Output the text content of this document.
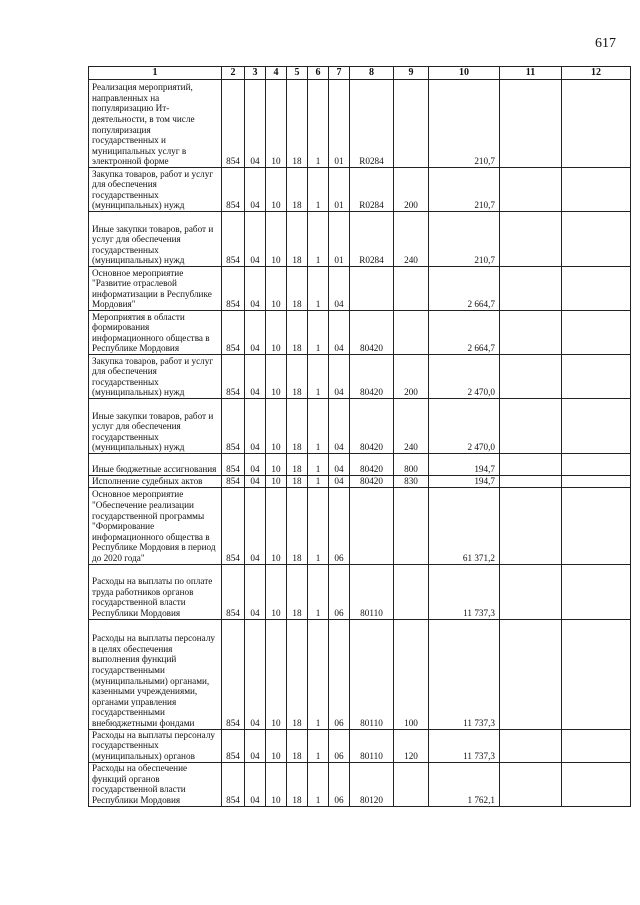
617
1	2	3	4	5	6	7	8	9	10	11	12
Реализация мероприятий, направленных на популяризацию Ит-деятельности, в том числе популяризация государственных и муниципальных услуг в электронной форме	854	04	10	18	1	01	R0284		210,7		
Закупка товаров, работ и услуг для обеспечения государственных (муниципальных) нужд	854	04	10	18	1	01	R0284	200	210,7		
Иные закупки товаров, работ и услуг для обеспечения государственных (муниципальных) нужд	854	04	10	18	1	01	R0284	240	210,7		
Основное мероприятие "Развитие отраслевой информатизации в Республике Мордовия"	854	04	10	18	1	04			2 664,7		
Мероприятия в области формирования информационного общества в Республике Мордовия	854	04	10	18	1	04	80420		2 664,7		
Закупка товаров, работ и услуг для обеспечения государственных (муниципальных) нужд	854	04	10	18	1	04	80420	200	2 470,0		
Иные закупки товаров, работ и услуг для обеспечения государственных (муниципальных) нужд	854	04	10	18	1	04	80420	240	2 470,0		
Иные бюджетные ассигнования	854	04	10	18	1	04	80420	800	194,7		
Исполнение судебных актов	854	04	10	18	1	04	80420	830	194,7		
Основное мероприятие "Обеспечение реализации государственной программы "Формирование информационного общества в Республике Мордовия в период до 2020 года"	854	04	10	18	1	06			61 371,2		
Расходы на выплаты по оплате труда работников органов государственной власти Республики Мордовия	854	04	10	18	1	06	80110		11 737,3		
Расходы на выплаты персоналу в целях обеспечения выполнения функций государственными (муниципальными) органами, казенными учреждениями, органами управления государственными внебюджетными фондами	854	04	10	18	1	06	80110	100	11 737,3		
Расходы на выплаты персоналу государственных (муниципальных) органов	854	04	10	18	1	06	80110	120	11 737,3		
Расходы на обеспечение функций органов государственной власти Республики Мордовия	854	04	10	18	1	06	80120		1 762,1		
